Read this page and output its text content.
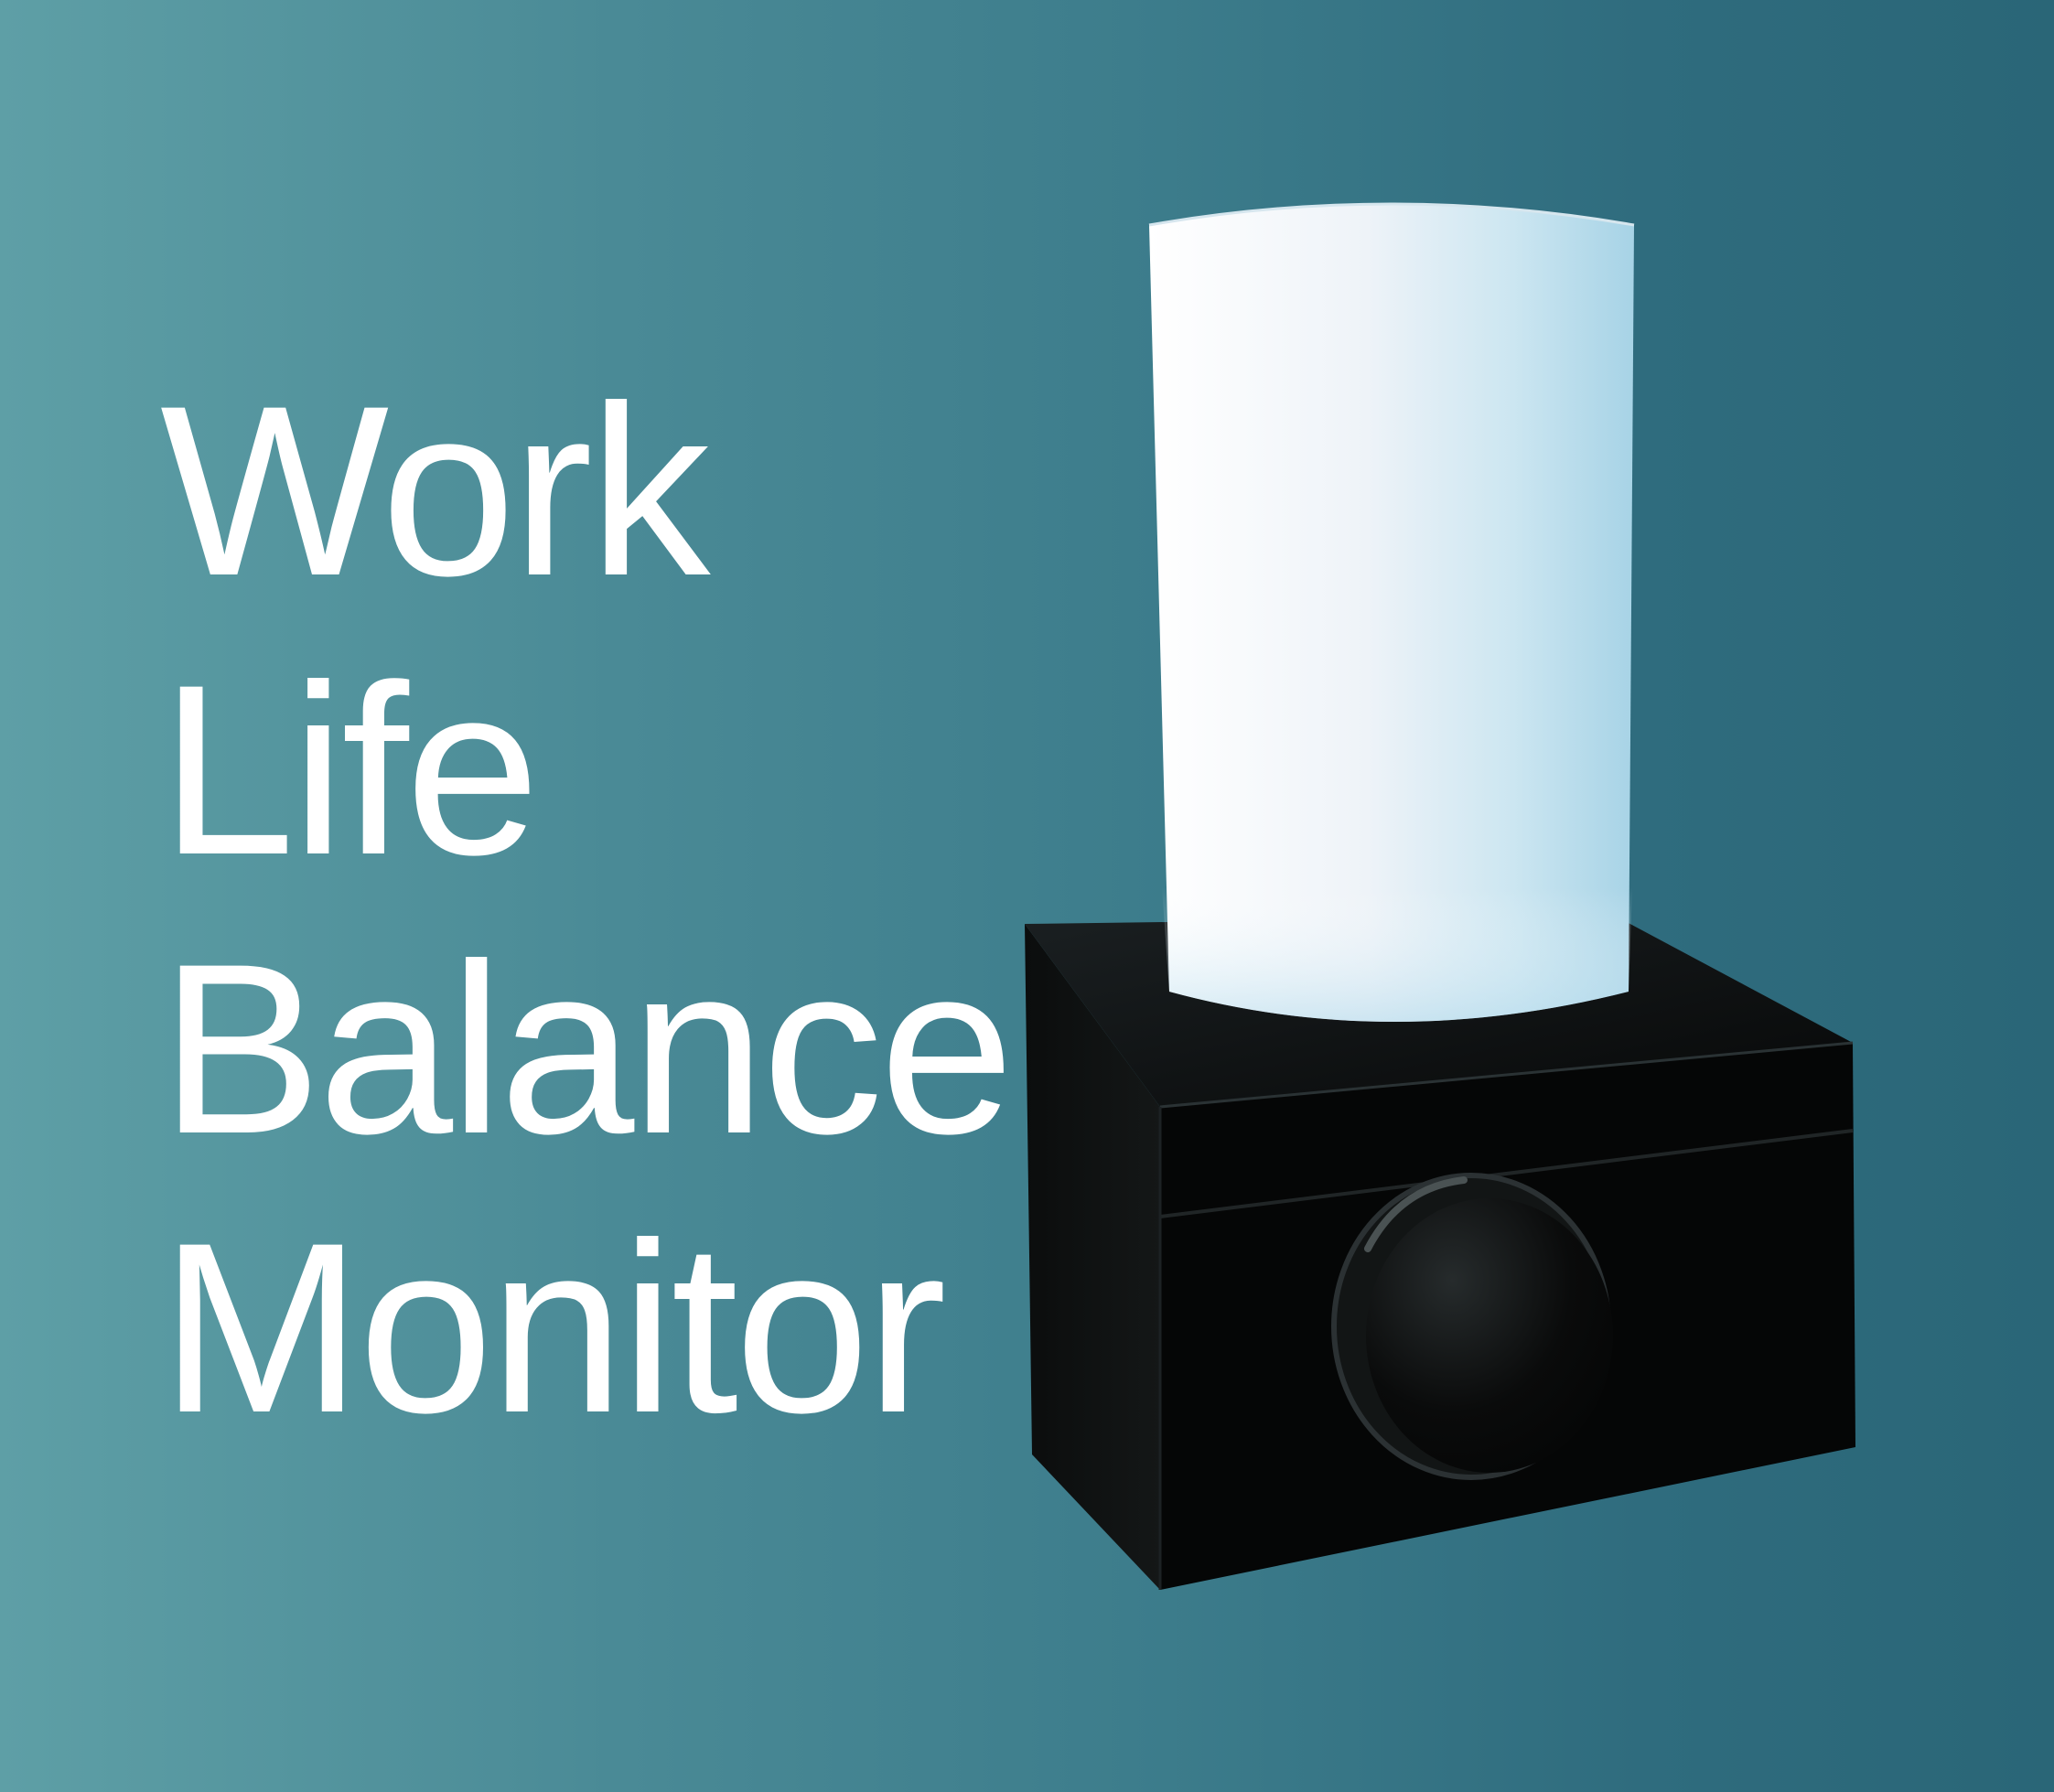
Work
Life
Balance
Monitor
